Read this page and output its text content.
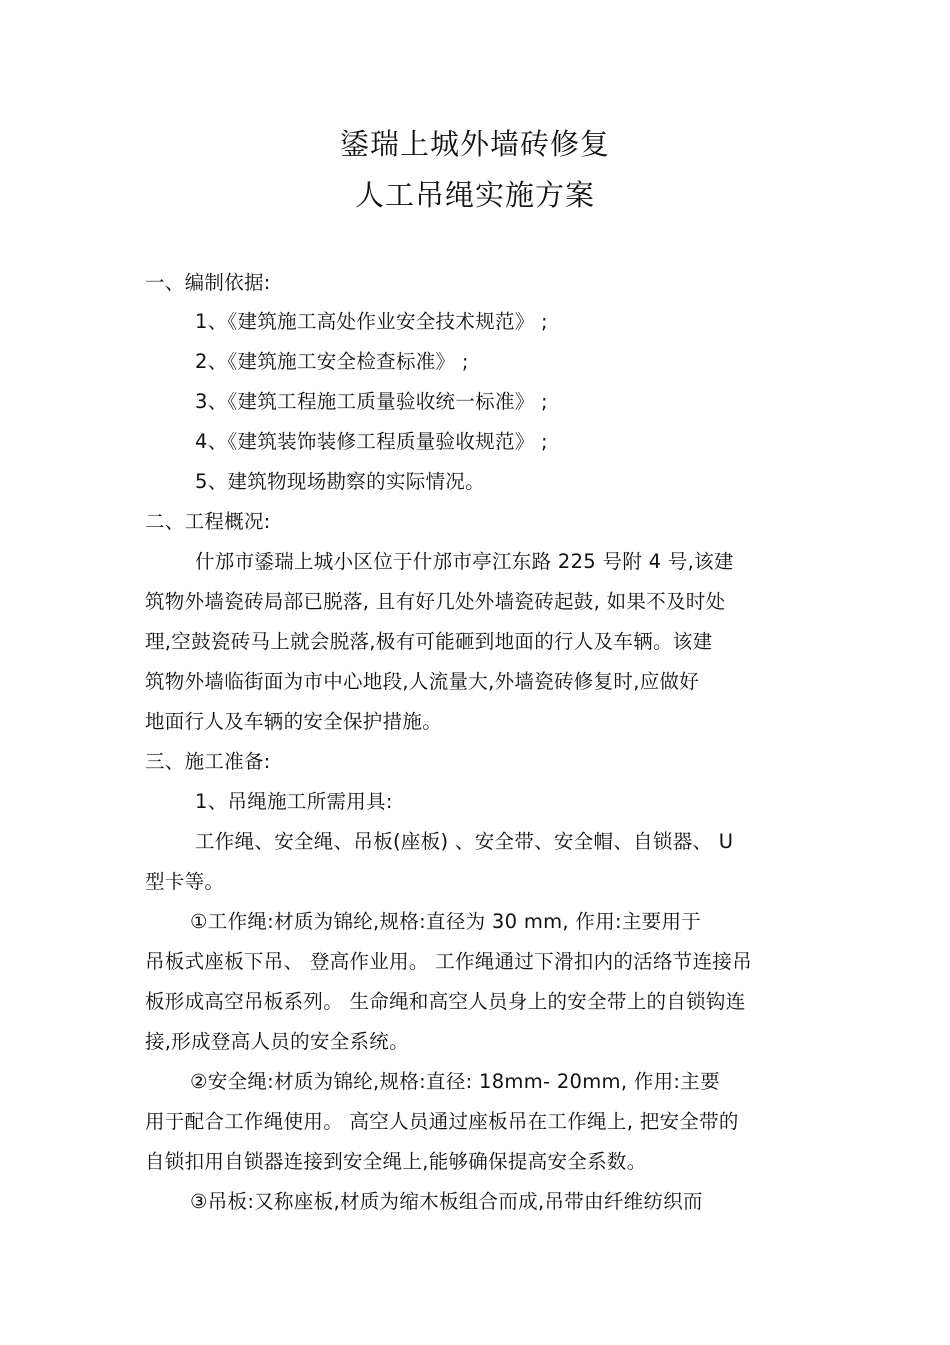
鋈瑞上城外墙砖修复
人工吊绳实施方案
一、编制依据:
1、《建筑施工高处作业安全技术规范》 ;
2、《建筑施工安全检查标准》 ;
3、《建筑工程施工质量验收统一标准》 ;
4、《建筑装饰装修工程质量验收规范》 ;
5、建筑物现场勘察的实际情况。
二、工程概况:
什邡市鋈瑞上城小区位于什邡市亭江东路 225 号附 4 号,该建
筑物外墙瓷砖局部已脱落, 且有好几处外墙瓷砖起鼓, 如果不及时处
理,空鼓瓷砖马上就会脱落,极有可能砸到地面的行人及车辆。该建
筑物外墙临街面为市中心地段,人流量大,外墙瓷砖修复时,应做好
地面行人及车辆的安全保护措施。
三、施工准备:
1、吊绳施工所需用具:
工作绳、安全绳、吊板(座板) 、安全带、安全帽、自锁器、 U
型卡等。
①工作绳:材质为锦纶,规格:直径为 30 mm, 作用:主要用于
吊板式座板下吊、 登高作业用。 工作绳通过下滑扣内的活络节连接吊
板形成高空吊板系列。 生命绳和高空人员身上的安全带上的自锁钩连
接,形成登高人员的安全系统。
②安全绳:材质为锦纶,规格:直径: 18mm- 20mm, 作用:主要
用于配合工作绳使用。 高空人员通过座板吊在工作绳上, 把安全带的
自锁扣用自锁器连接到安全绳上,能够确保提高安全系数。
③吊板:又称座板,材质为缩木板组合而成,吊带由纤维纺织而
